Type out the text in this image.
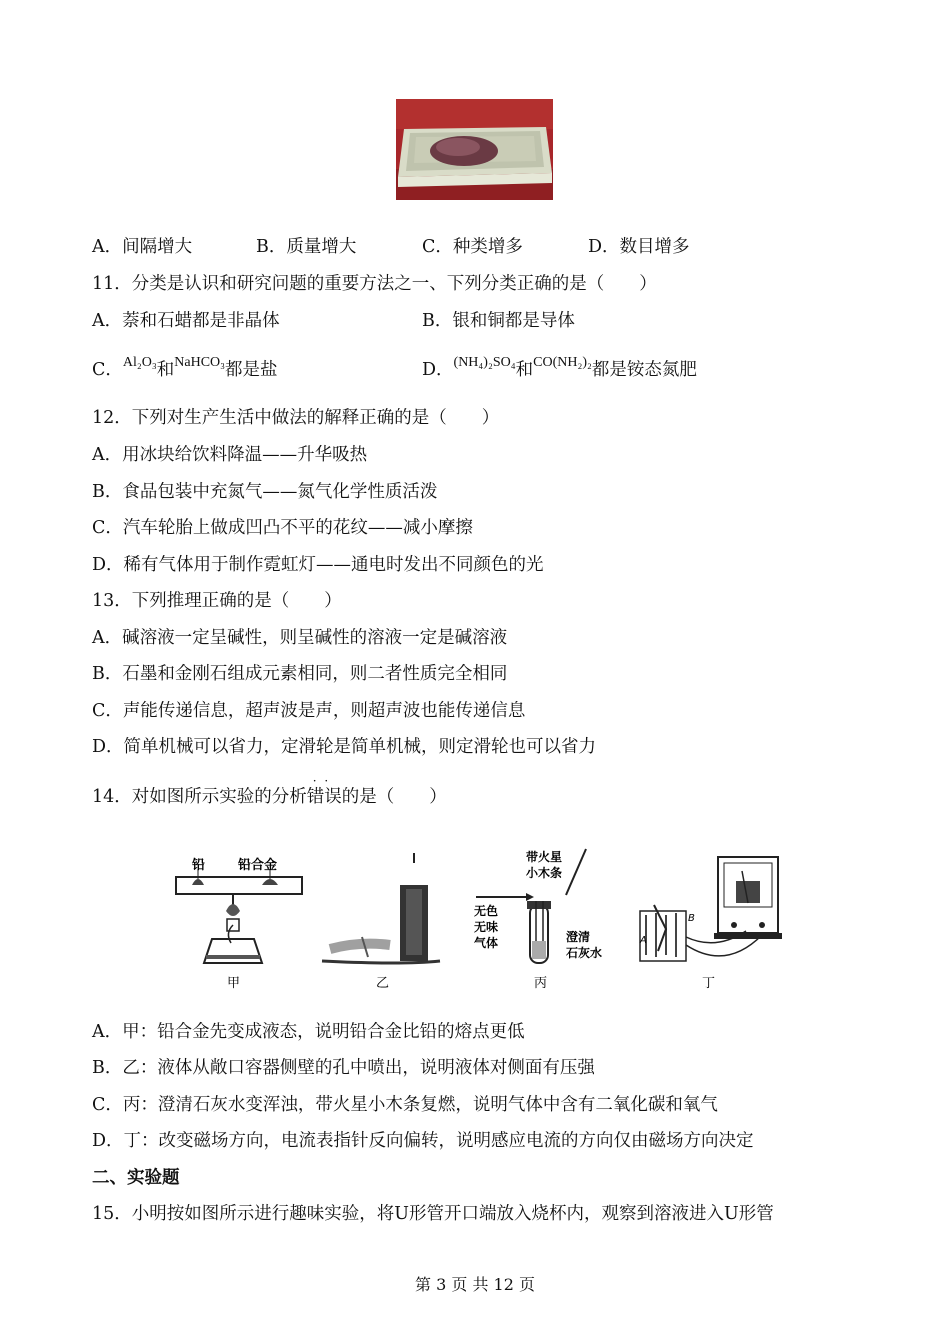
A．间隔增大	B．质量增大	C．种类增多	D．数目增多
11．分类是认识和研究问题的重要方法之一、下列分类正确的是（　　）
A．萘和石蜡都是非晶体	B．银和铜都是导体
C．$^{Al_2O_3}$和$^{NaHCO_3}$都是盐	D．$^{(NH_4)_2SO_4}$和$^{CO(NH_2)_2}$都是铵态氮肥
12．下列对生产生活中做法的解释正确的是（　　）
A．用冰块给饮料降温——升华吸热
B．食品包装中充氮气——氮气化学性质活泼
C．汽车轮胎上做成凹凸不平的花纹——减小摩擦
D．稀有气体用于制作霓虹灯——通电时发出不同颜色的光
13．下列推理正确的是（　　）
A．碱溶液一定呈碱性，则呈碱性的溶液一定是碱溶液
B．石墨和金刚石组成元素相同，则二者性质完全相同
C．声能传递信息，超声波是声，则超声波也能传递信息
D．简单机械可以省力，定滑轮是简单机械，则定滑轮也可以省力
14．对如图所示实验的分析错误 · ·的是（　　）
铅	铅合金
甲	乙
带火星
小木条
无色
无味
气体	澄清
石灰水
丙
B
A
丁
A．甲：铅合金先变成液态，说明铅合金比铅的熔点更低
B．乙：液体从敞口容器侧壁的孔中喷出，说明液体对侧面有压强
C．丙：澄清石灰水变浑浊，带火星小木条复燃，说明气体中含有二氧化碳和氧气
D．丁：改变磁场方向，电流表指针反向偏转，说明感应电流的方向仅由磁场方向决定
二、实验题
15．小明按如图所示进行趣味实验，将U形管开口端放入烧杯内，观察到溶液进入U形管
第 3 页 共 12 页
